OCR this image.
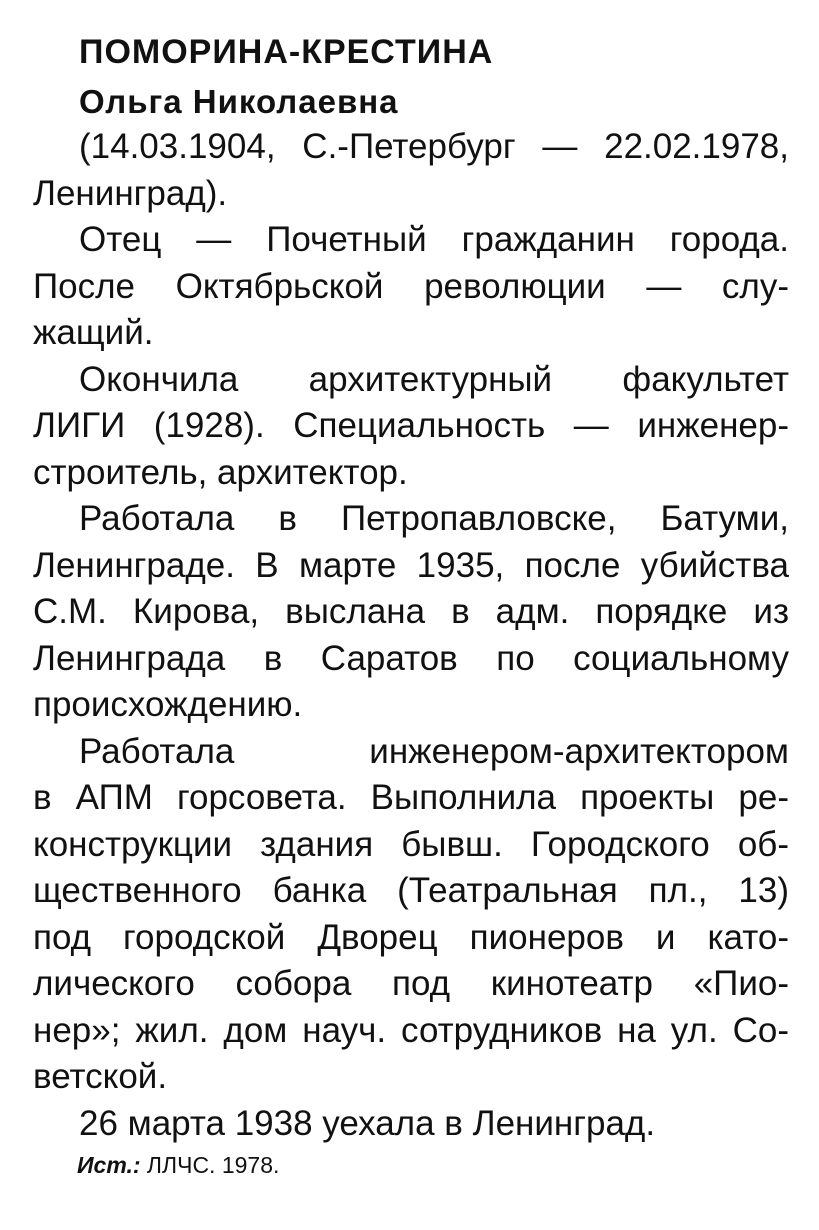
ПОМОРИНА-КРЕСТИНА
Ольга Николаевна
(14.03.1904, С.-Петербург — 22.02.1978,
Ленинград).
Отец — Почетный гражданин города.
После Октябрьской революции — слу-
жащий.
Окончила архитектурный факультет
ЛИГИ (1928). Специальность — инженер-
строитель, архитектор.
Работала в Петропавловске, Батуми,
Ленинграде. В марте 1935, после убийства
С.М. Кирова, выслана в адм. порядке из
Ленинграда в Саратов по социальному
происхождению.
Работала инженером-архитектором
в АПМ горсовета. Выполнила проекты ре-
конструкции здания бывш. Городского об-
щественного банка (Театральная пл., 13)
под городской Дворец пионеров и като-
лического собора под кинотеатр «Пио-
нер»; жил. дом науч. сотрудников на ул. Со-
ветской.
26 марта 1938 уехала в Ленинград.
Ист.: ЛЛЧС. 1978.
